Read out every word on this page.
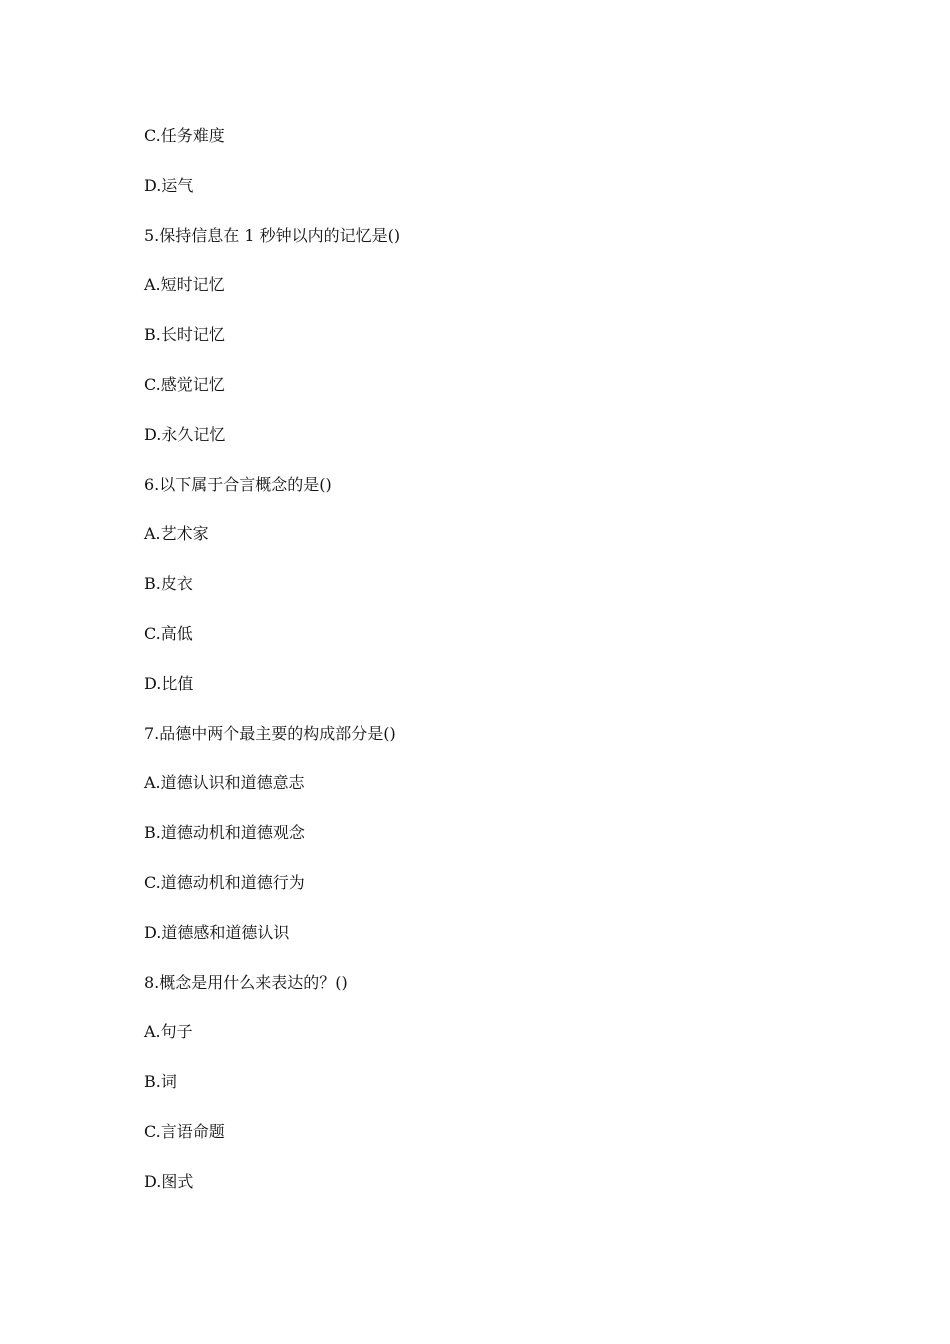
C.任务难度
D.运气
5.保持信息在 1 秒钟以内的记忆是()
A.短时记忆
B.长时记忆
C.感觉记忆
D.永久记忆
6.以下属于合言概念的是()
A.艺术家
B.皮衣
C.高低
D.比值
7.品德中两个最主要的构成部分是()
A.道德认识和道德意志
B.道德动机和道德观念
C.道德动机和道德行为
D.道德感和道德认识
8.概念是用什么来表达的？()
A.句子
B.词
C.言语命题
D.图式
